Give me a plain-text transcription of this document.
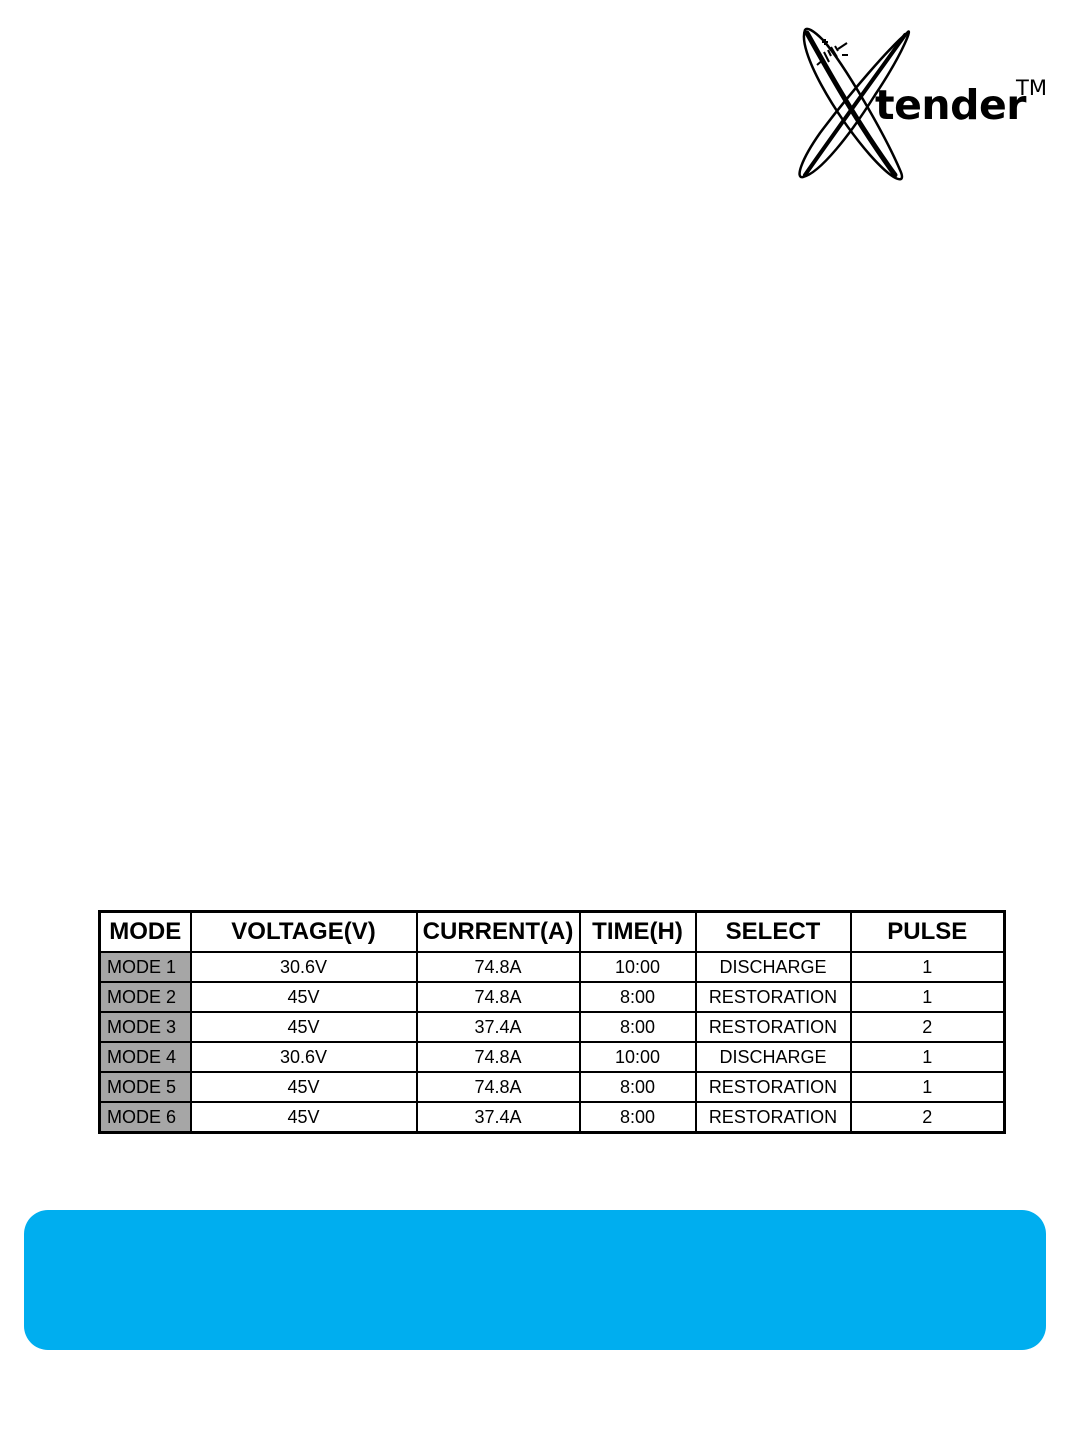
tender
TM
MODE	VOLTAGE(V)	CURRENT(A)	TIME(H)	SELECT	PULSE
MODE 1	30.6V	74.8A	10:00	DISCHARGE	1
MODE 2	45V	74.8A	8:00	RESTORATION	1
MODE 3	45V	37.4A	8:00	RESTORATION	2
MODE 4	30.6V	74.8A	10:00	DISCHARGE	1
MODE 5	45V	74.8A	8:00	RESTORATION	1
MODE 6	45V	37.4A	8:00	RESTORATION	2
